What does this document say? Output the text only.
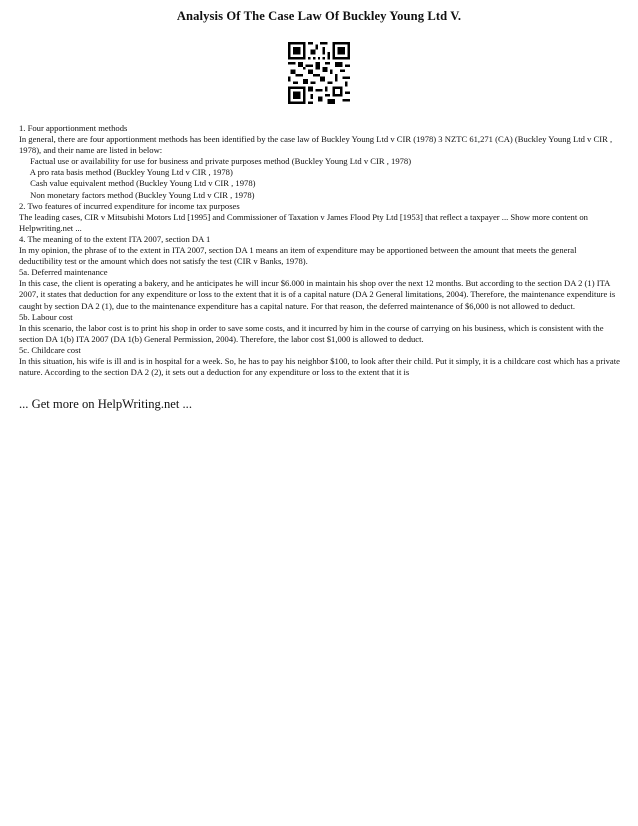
Analysis Of The Case Law Of Buckley Young Ltd V.

1. Four apportionment methods

In general, there are four apportionment methods has been identified by the case law of Buckley Young Ltd v CIR (1978) 3 NZTC 61,271 (CA) (Buckley Young Ltd v CIR , 1978), and their name are listed in below:

Factual use or availability for use for business and private purposes method (Buckley Young Ltd v CIR , 1978)

A pro rata basis method (Buckley Young Ltd v CIR , 1978)

Cash value equivalent method (Buckley Young Ltd v CIR , 1978)

Non monetary factors method (Buckley Young Ltd v CIR , 1978)

2. Two features of incurred expenditure for income tax purposes

The leading cases, CIR v Mitsubishi Motors Ltd [1995] and Commissioner of Taxation v James Flood Pty Ltd [1953] that reflect a taxpayer ... Show more content on Helpwriting.net ...

4. The meaning of to the extent ITA 2007, section DA 1

In my opinion, the phrase of to the extent in ITA 2007, section DA 1 means an item of expenditure may be apportioned between the amount that meets the general deductibility test or the amount which does not satisfy the test (CIR v Banks, 1978).

5a. Deferred maintenance

In this case, the client is operating a bakery, and he anticipates he will incur $6.000 in maintain his shop over the next 12 months. But according to the section DA 2 (1) ITA 2007, it states that deduction for any expenditure or loss to the extent that it is of a capital nature (DA 2 General limitations, 2004). Therefore, the maintenance expenditure is caught by section DA 2 (1), due to the maintenance expenditure has a capital nature. For that reason, the deferred maintenance of $6,000 is not allowed to deduct.

5b. Labour cost

In this scenario, the labor cost is to print his shop in order to save some costs, and it incurred by him in the course of carrying on his business, which is consistent with the section DA 1(b) ITA 2007 (DA 1(b) General Permission, 2004). Therefore, the labor cost $1,000 is allowed to deduct.

5c. Childcare cost

In this situation, his wife is ill and is in hospital for a week. So, he has to pay his neighbor $100, to look after their child. Put it simply, it is a childcare cost which has a private nature. According to the section DA 2 (2), it sets out a deduction for any expenditure or loss to the extent that it is

... Get more on HelpWriting.net ...
